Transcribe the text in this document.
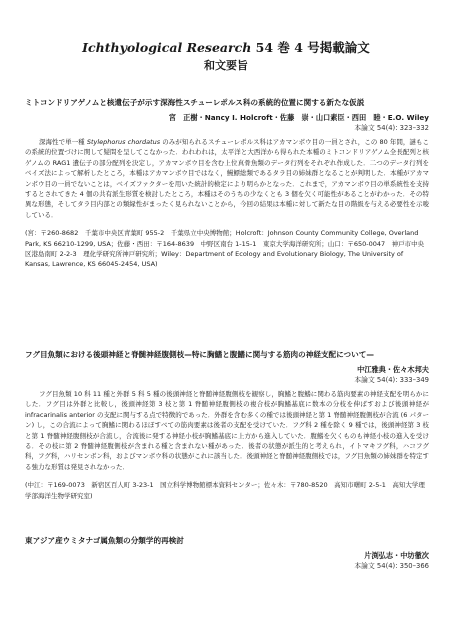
Ichthyological Research 54 巻 4 号掲載論文

和文要旨

ミトコンドリアゲノムと核遺伝子が示す深海性スチューレポルス科の系統的位置に関する新たな仮説

宮　正樹・Nancy I. Holcroft・佐藤　崇・山口素臣・西田　睦・E.O. Wiley
本論文 54(4): 323–332
深海性で単一種 Stylephorus chordatus のみが知られるスチューレポルス科はアカマンボウ目の一員とされ，この 80 年間，謎もこの系統的位置づけに関して疑問を呈してこなかった．われわれは，太平洋と大西洋から得られた本種のミトコンドリアゲノム全長配列と核ゲノムの RAG1 遺伝子の部分配列を決定し，アカマンボウ目を含む上位真骨魚類のデータ行列をそれぞれ作成した．二つのデータ行列をベイズ法によって解析したところ，本種はアカマンボウ目ではなく，鰻鰾総類であるタラ目の姉妹群となることが判明した．本種がアカマンボウ目の一員でないことは，ベイズファクターを用いた統計的検定により明らかとなった．これまで，アカマンボウ目の単系統性を支持するとされてきた 4 個の共有派生形質を検討したところ，本種はそのうちの少なくとも 3 個を欠く可能性があることがわかった．その特異な形態，そしてタラ目内部との類縁性がまったく見られないことから，今回の結果は本種に対して新たな目の階級を与える必要性を示唆している．
(宮：〒260-8682　千葉市中央区青葉町 955-2　千葉県立中央博物館；Holcroft：Johnson County Community College, Overland Park, KS 66210-1299, USA；佐藤・西田：〒164-8639　中野区南台 1-15-1　東京大学海洋研究所；山口：〒650-0047　神戸市中央区港島南町 2-2-3　理化学研究所神戸研究所；Wiley：Department of Ecology and Evolutionary Biology, The University of Kansas, Lawrence, KS 66045-2454, USA)

フグ目魚類における後頭神経と脊髄神経腹側枝—特に胸鰭と腹鰭に関与する筋肉の神経支配について—

中江雅典・佐々木邦夫
本論文 54(4): 333–349
フグ目魚類 10 科 11 種と外群 5 科 5 種の後頭神経と脊髄神経腹側枝を観察し，胸鰭と腹鰭に関わる筋肉要素の神経支配を明らかにした．フグ目は外群と比較し，後頭神経第 3 枝と第 1 脊髄神経腹側枝の複合枝が胸鰭基底に数本の分枝を伸ばすおよび後頭神経が infracarinalis anterior の支配に関与する点で特徴的であった．外群を含む多くの種では後頭神経と第 1 脊髄神経腹側枝が合流 (6 パターン) し，この合流によって胸鰭に関わるほぼすべての筋肉要素は後者の支配を受けていた．フグ科 2 種を除く 9 種では，後頭神経第 3 枝と第 1 脊髄神経腹側枝が合流し，合流後に発する神経小枝が胸鰭基底に上方から進入していた．腹鰭を欠くものも神経小枝の進入を受ける．その枝に第 2 脊髄神経腹側枝が含まれる種と含まれない種があった．後者の状態が派生的と考えられ，イトマキフグ科，ハコフグ科，フグ科，ハリセンボン科，およびマンボウ科の状態がこれに該当した．後頭神経と脊髄神経腹側枝では，フグ目魚類の姉妹群を特定する強力な形質は発見されなかった．
(中江：〒169-0073　新宿区百人町 3-23-1　国立科学博物館標本資料センター；佐々木：〒780-8520　高知市曙町 2-5-1　高知大学理学部海洋生物学研究室)

東アジア産ウミタナゴ属魚類の分類学的再検討

片渕弘志・中坊徹次
本論文 54(4): 350–366
